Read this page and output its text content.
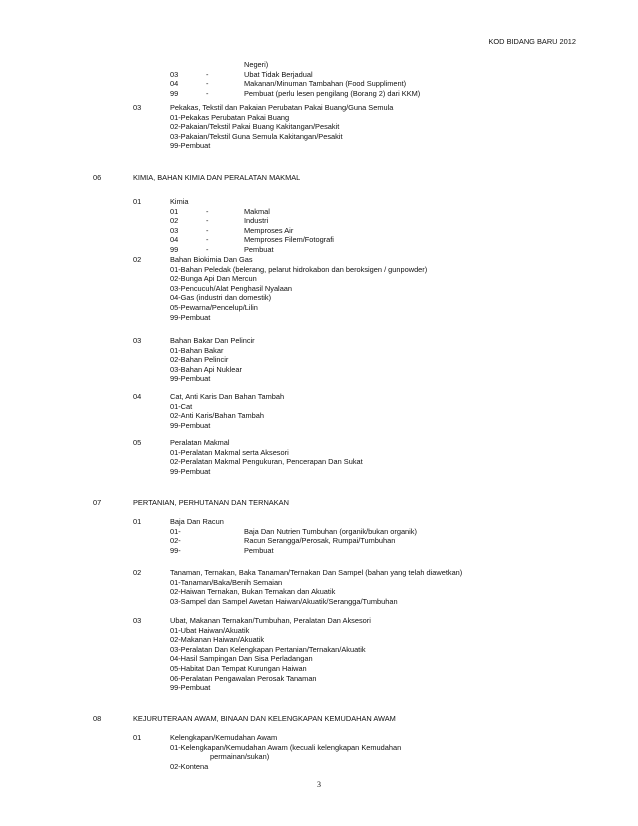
KOD BIDANG BARU 2012
Negeri)
03	-	Ubat Tidak Berjadual
04	-	Makanan/Minuman Tambahan (Food Suppliment)
99	-	Pembuat (perlu lesen pengilang (Borang 2) dari KKM)
03	Pekakas, Tekstil dan Pakaian Perubatan Pakai Buang/Guna Semula
01-Pekakas Perubatan Pakai Buang
02-Pakaian/Tekstil Pakai Buang Kakitangan/Pesakit
03-Pakaian/Tekstil Guna Semula Kakitangan/Pesakit
99-Pembuat
06	KIMIA, BAHAN KIMIA DAN PERALATAN MAKMAL
01	Kimia
01	-	Makmal
02	-	Industri
03	-	Memproses Air
04	-	Memproses Filem/Fotografi
99	-	Pembuat
02	Bahan Biokimia Dan Gas
01-Bahan Peledak (belerang, pelarut hidrokabon dan beroksigen / gunpowder)
02-Bunga Api Dan Mercun
03-Pencucuh/Alat Penghasil Nyalaan
04-Gas (industri dan domestik)
05-Pewarna/Pencelup/Lilin
99-Pembuat
03	Bahan Bakar Dan Pelincir
01-Bahan Bakar
02-Bahan Pelincir
03-Bahan Api Nuklear
99-Pembuat
04	Cat, Anti Karis Dan Bahan Tambah
01-Cat
02-Anti Karis/Bahan Tambah
99-Pembuat
05	Peralatan Makmal
01-Peralatan Makmal serta Aksesori
02-Peralatan Makmal Pengukuran, Pencerapan Dan Sukat
99-Pembuat
07	PERTANIAN, PERHUTANAN DAN TERNAKAN
01	Baja Dan Racun
01-	Baja Dan Nutrien Tumbuhan (organik/bukan organik)
02-	Racun Serangga/Perosak, Rumpai/Tumbuhan
99-	Pembuat
02	Tanaman, Ternakan, Baka Tanaman/Ternakan Dan Sampel (bahan yang telah diawetkan)
01-Tanaman/Baka/Benih Semaian
02-Haiwan Ternakan, Bukan Ternakan dan Akuatik
03-Sampel dan Sampel Awetan Haiwan/Akuatik/Serangga/Tumbuhan
03	Ubat, Makanan Ternakan/Tumbuhan, Peralatan Dan Aksesori
01-Ubat Haiwan/Akuatik
02-Makanan Haiwan/Akuatik
03-Peralatan Dan Kelengkapan Pertanian/Ternakan/Akuatik
04-Hasil Sampingan Dan Sisa Perladangan
05-Habitat Dan Tempat Kurungan Haiwan
06-Peralatan Pengawalan Perosak Tanaman
99-Pembuat
08	KEJURUTERAAN AWAM, BINAAN DAN KELENGKAPAN KEMUDAHAN AWAM
01	Kelengkapan/Kemudahan Awam
01-Kelengkapan/Kemudahan Awam (kecuali kelengkapan Kemudahan
permainan/sukan)
02-Kontena
3
